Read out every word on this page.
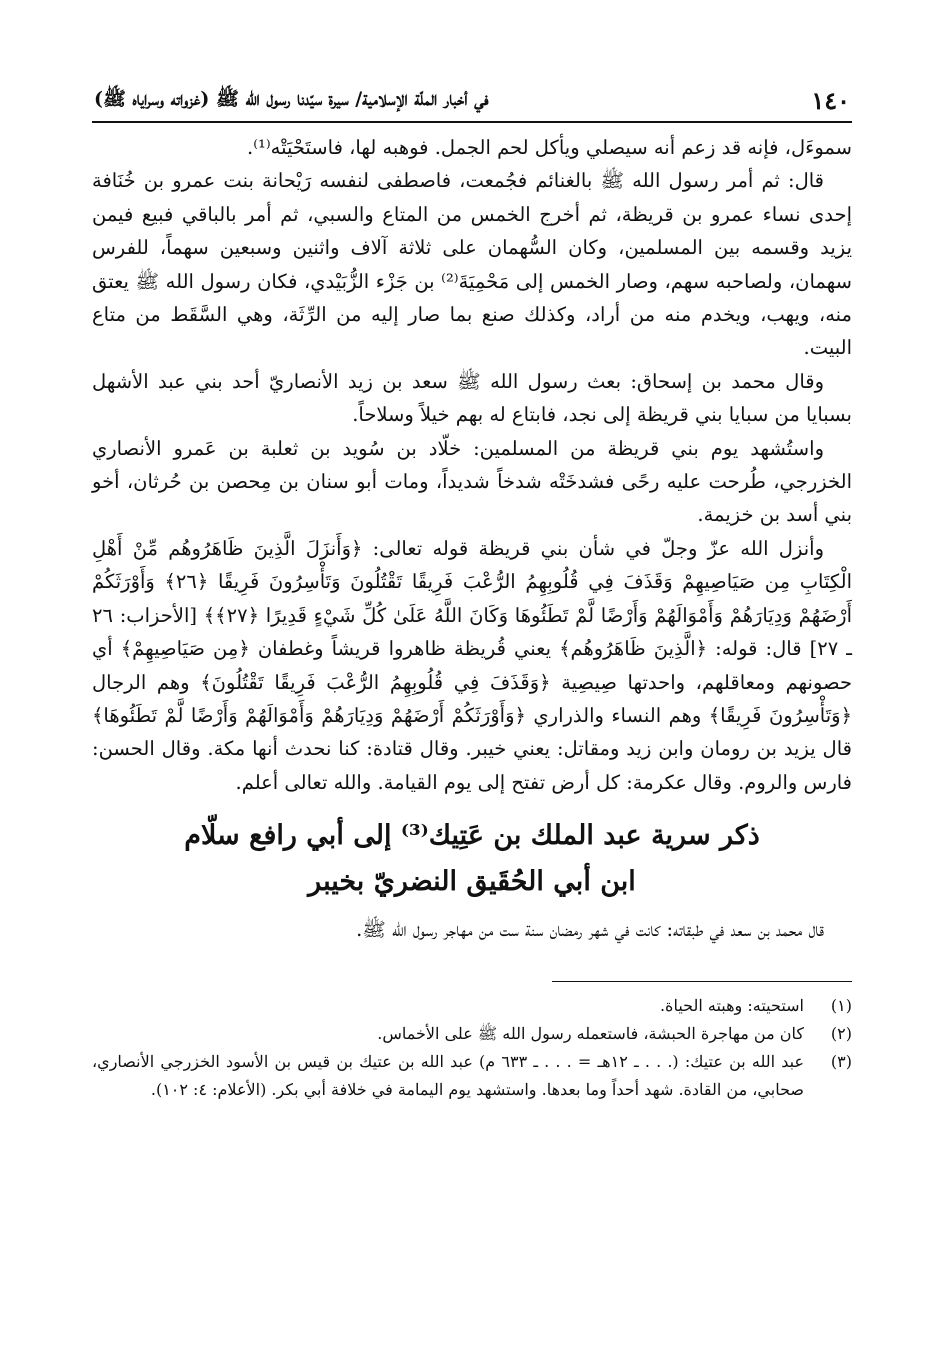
١٤٠
في أخبار الملّة الإسلامية/ سيرة سيّدنا رسول الله ﷺ (غزواته وسراياه ﷺ)

سموءَل، فإنه قد زعم أنه سيصلي ويأكل لحم الجمل. فوهبه لها، فاستَحْيَتْه⁽¹⁾.

قال: ثم أمر رسول الله ﷺ بالغنائم فجُمعت، فاصطفى لنفسه رَيْحانة بنت عمرو بن خُنَافة إحدى نساء عمرو بن قريظة، ثم أخرج الخمس من المتاع والسبي، ثم أمر بالباقي فبيع فيمن يزيد وقسمه بين المسلمين، وكان السُّهمان على ثلاثة آلاف واثنين وسبعين سهماً، للفرس سهمان، ولصاحبه سهم، وصار الخمس إلى مَحْمِيَةَ⁽²⁾ بن جَزْء الزُّبَيْدي، فكان رسول الله ﷺ يعتق منه، ويهب، ويخدم منه من أراد، وكذلك صنع بما صار إليه من الرِّثَة، وهي السَّقَط من متاع البيت.

وقال محمد بن إسحاق: بعث رسول الله ﷺ سعد بن زيد الأنصاريّ أحد بني عبد الأشهل بسبايا من سبايا بني قريظة إلى نجد، فابتاع له بهم خيلاً وسلاحاً.

واستُشهد يوم بني قريظة من المسلمين: خلّاد بن سُويد بن ثعلبة بن عَمرو الأنصاري الخزرجي، طُرحت عليه رحًى فشدخَتْه شدخاً شديداً، ومات أبو سنان بن مِحصن بن حُرثان، أخو بني أسد بن خزيمة.

وأنزل الله عزّ وجلّ في شأن بني قريظة قوله تعالى: ﴿وَأَنزَلَ الَّذِينَ ظَاهَرُوهُم مِّنْ أَهْلِ الْكِتَابِ مِن صَيَاصِيهِمْ وَقَذَفَ فِي قُلُوبِهِمُ الرُّعْبَ فَرِيقًا تَقْتُلُونَ وَتَأْسِرُونَ فَرِيقًا ﴿٢٦﴾ وَأَوْرَثَكُمْ أَرْضَهُمْ وَدِيَارَهُمْ وَأَمْوَالَهُمْ وَأَرْضًا لَّمْ تَطَئُوهَا وَكَانَ اللَّهُ عَلَىٰ كُلِّ شَيْءٍ قَدِيرًا ﴿٢٧﴾﴾ [الأحزاب: ٢٦ ـ ٢٧] قال: قوله: ﴿الَّذِينَ ظَاهَرُوهُم﴾ يعني قُريظة ظاهروا قريشاً وغطفان ﴿مِن صَيَاصِيهِمْ﴾ أي حصونهم ومعاقلهم، واحدتها صِيصِية ﴿وَقَذَفَ فِي قُلُوبِهِمُ الرُّعْبَ فَرِيقًا تَقْتُلُونَ﴾ وهم الرجال ﴿وَتَأْسِرُونَ فَرِيقًا﴾ وهم النساء والذراري ﴿وَأَوْرَثَكُمْ أَرْضَهُمْ وَدِيَارَهُمْ وَأَمْوَالَهُمْ وَأَرْضًا لَّمْ تَطَئُوهَا﴾ قال يزيد بن رومان وابن زيد ومقاتل: يعني خيبر. وقال قتادة: كنا نحدث أنها مكة. وقال الحسن: فارس والروم. وقال عكرمة: كل أرض تفتح إلى يوم القيامة. والله تعالى أعلم.

ذكر سرية عبد الملك بن عَتِيك⁽³⁾ إلى أبي رافع سلّام
ابن أبي الحُقَيق النضريّ بخيبر

قال محمد بن سعد في طبقاته: كانت في شهر رمضان سنة ست من مهاجر رسول الله ﷺ.

(١)
استحيته: وهبته الحياة.
(٢)
كان من مهاجرة الحبشة، فاستعمله رسول الله ﷺ على الأخماس.
(٣)
عبد الله بن عتيك: (. . . ـ ١٢هـ = . . . ـ ٦٣٣ م) عبد الله بن عتيك بن قيس بن الأسود الخزرجي الأنصاري، صحابي، من القادة. شهد أحداً وما بعدها. واستشهد يوم اليمامة في خلافة أبي بكر. (الأعلام: ٤: ١٠٢).
